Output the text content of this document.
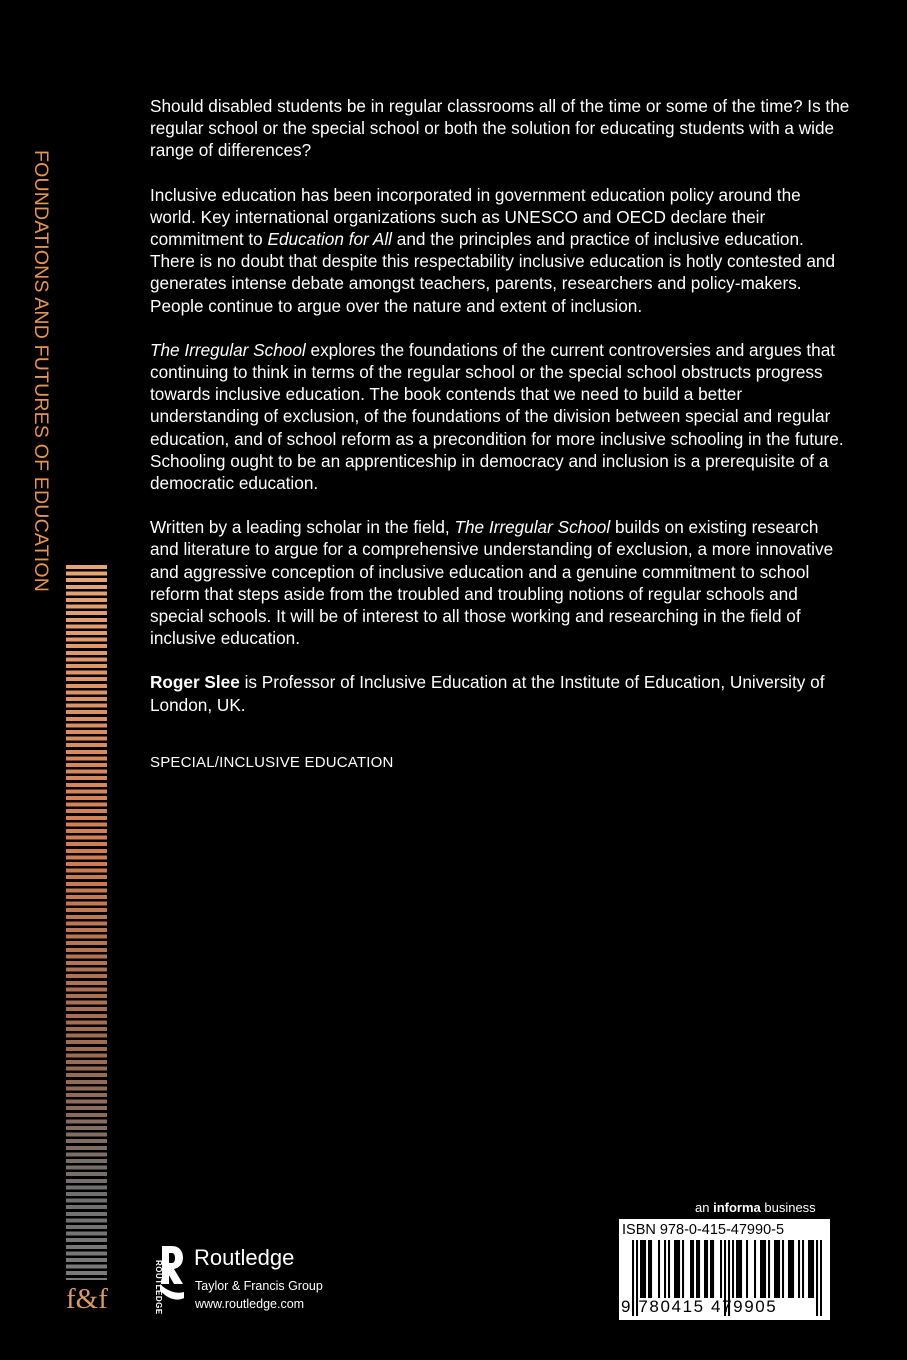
FOUNDATIONS AND FUTURES OF EDUCATION
f&f

Should disabled students be in regular classrooms all of the time or some of the time? Is the regular school or the special school or both the solution for educating students with a wide range of differences?

Inclusive education has been incorporated in government education policy around the world. Key international organizations such as UNESCO and OECD declare their commitment to Education for All and the principles and practice of inclusive education. There is no doubt that despite this respectability inclusive education is hotly contested and generates intense debate amongst teachers, parents, researchers and policy-makers. People continue to argue over the nature and extent of inclusion.

The Irregular School explores the foundations of the current controversies and argues that continuing to think in terms of the regular school or the special school obstructs progress towards inclusive education. The book contends that we need to build a better understanding of exclusion, of the foundations of the division between special and regular education, and of school reform as a precondition for more inclusive schooling in the future. Schooling ought to be an apprenticeship in democracy and inclusion is a prerequisite of a democratic education.

Written by a leading scholar in the field, The Irregular School builds on existing research and literature to argue for a comprehensive understanding of exclusion, a more innovative and aggressive conception of inclusive education and a genuine commitment to school reform that steps aside from the troubled and troubling notions of regular schools and special schools. It will be of interest to all those working and researching in the field of inclusive education.

Roger Slee is Professor of Inclusive Education at the Institute of Education, University of London, UK.

SPECIAL/INCLUSIVE EDUCATION
ROUTLEDGE
Routledge
Taylor & Francis Group
www.routledge.com
an informa business
ISBN 978-0-415-47990-5
9 780415 479905
